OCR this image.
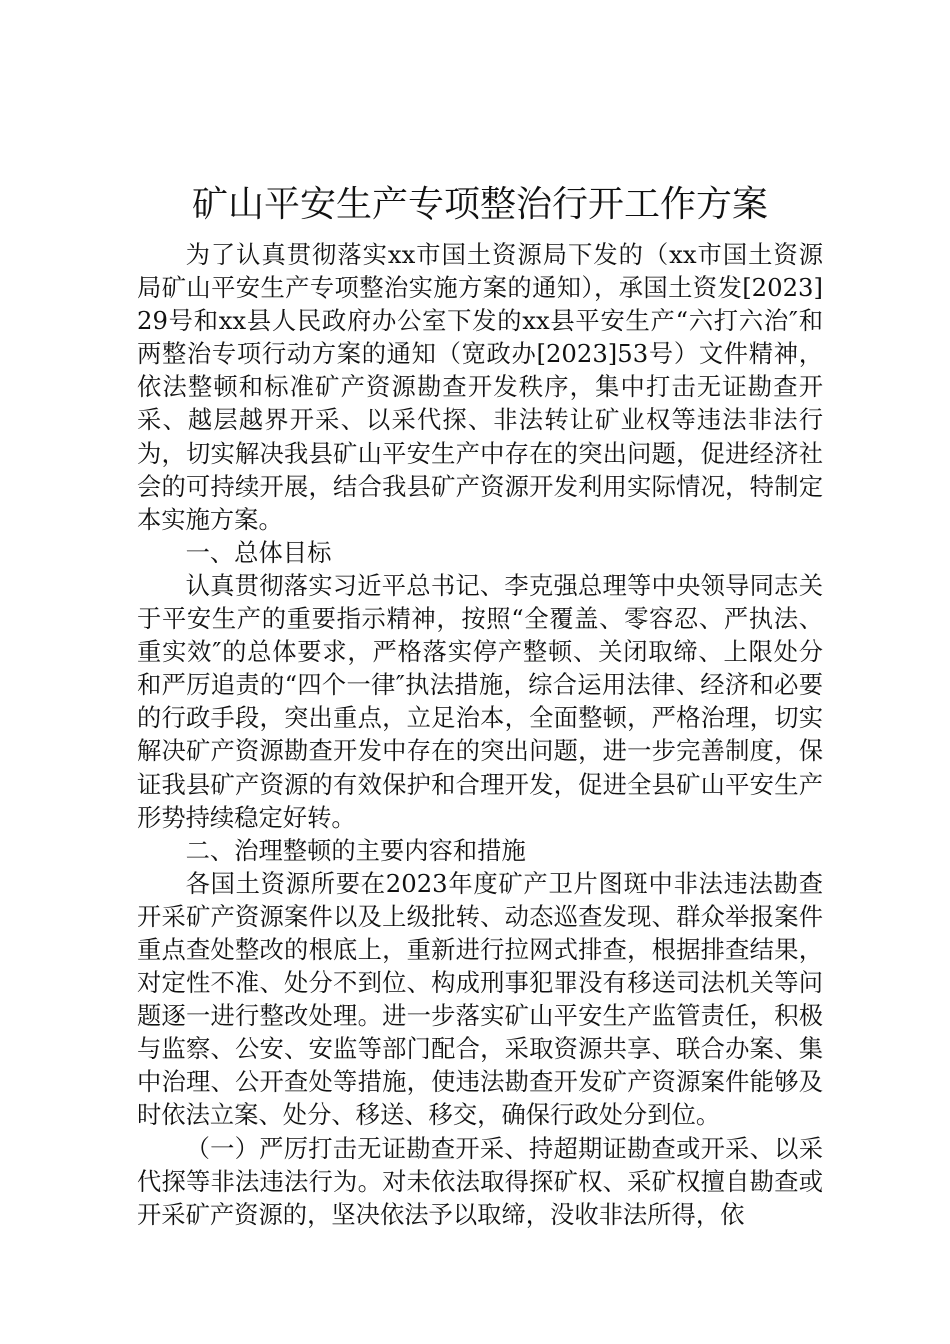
矿山平安生产专项整治行开工作方案

为了认真贯彻落实xx市国土资源局下发的（xx市国土资源局矿山平安生产专项整治实施方案的通知），承国土资发[2023]29号和xx县人民政府办公室下发的xx县平安生产“六打六治″和两整治专项行动方案的通知（宽政办[2023]53号）文件精神，依法整顿和标准矿产资源勘查开发秩序，集中打击无证勘查开采、越层越界开采、以采代探、非法转让矿业权等违法非法行为，切实解决我县矿山平安生产中存在的突出问题，促进经济社会的可持续开展，结合我县矿产资源开发利用实际情况，特制定本实施方案。

一、总体目标

认真贯彻落实习近平总书记、李克强总理等中央领导同志关于平安生产的重要指示精神，按照“全覆盖、零容忍、严执法、重实效″的总体要求，严格落实停产整顿、关闭取缔、上限处分和严厉追责的“四个一律″执法措施，综合运用法律、经济和必要的行政手段，突出重点，立足治本，全面整顿，严格治理，切实解决矿产资源勘查开发中存在的突出问题，进一步完善制度，保证我县矿产资源的有效保护和合理开发，促进全县矿山平安生产形势持续稳定好转。

二、治理整顿的主要内容和措施

各国土资源所要在2023年度矿产卫片图斑中非法违法勘查开采矿产资源案件以及上级批转、动态巡查发现、群众举报案件重点查处整改的根底上，重新进行拉网式排查，根据排查结果，对定性不准、处分不到位、构成刑事犯罪没有移送司法机关等问题逐一进行整改处理。进一步落实矿山平安生产监管责任，积极与监察、公安、安监等部门配合，采取资源共享、联合办案、集中治理、公开查处等措施，使违法勘查开发矿产资源案件能够及时依法立案、处分、移送、移交，确保行政处分到位。

（一）严厉打击无证勘查开采、持超期证勘查或开采、以采代探等非法违法行为。对未依法取得探矿权、采矿权擅自勘查或开采矿产资源的，坚决依法予以取缔，没收非法所得，依
